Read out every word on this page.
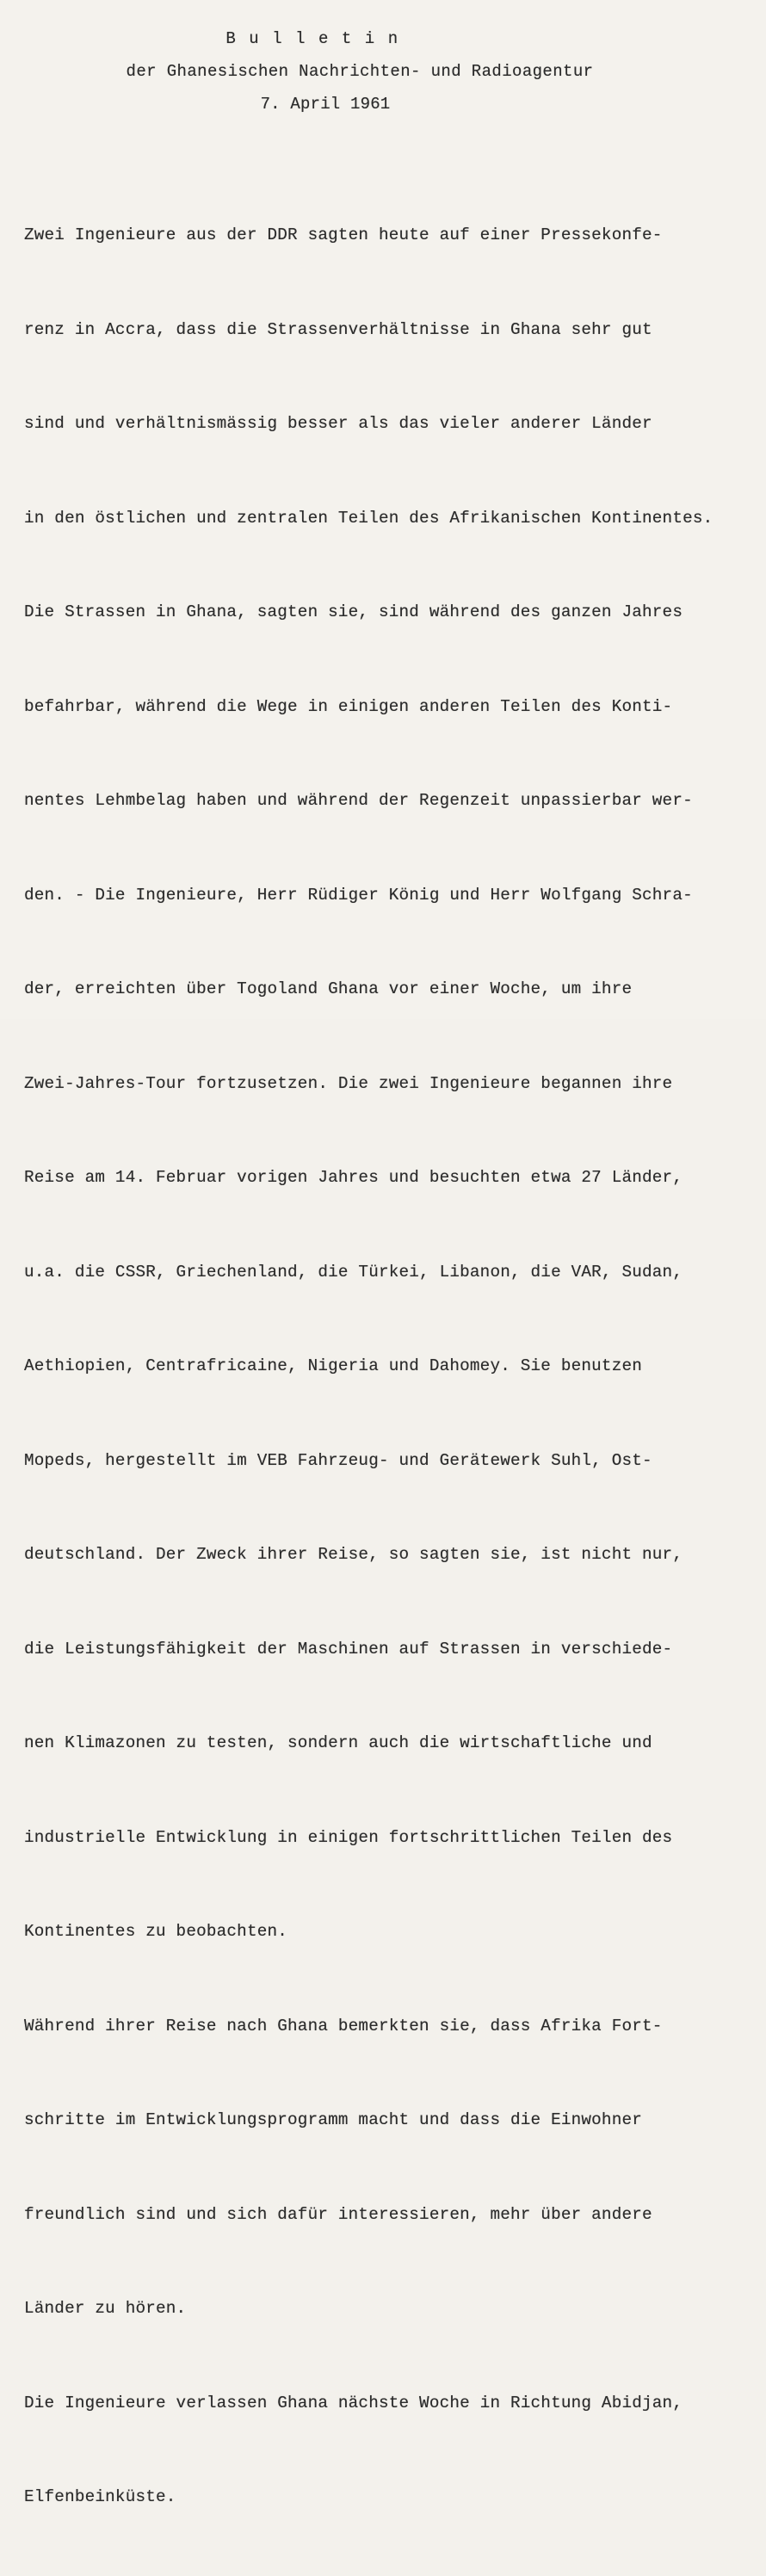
Bulletin
der Ghanesischen Nachrichten- und Radioagentur
7. April 1961

Zwei Ingenieure aus der DDR sagten heute auf einer Pressekonfe-

renz in Accra, dass die Strassenverhältnisse in Ghana sehr gut

sind und verhältnismässig besser als das vieler anderer Länder

in den östlichen und zentralen Teilen des Afrikanischen Kontinentes.

Die Strassen in Ghana, sagten sie, sind während des ganzen Jahres

befahrbar, während die Wege in einigen anderen Teilen des Konti-

nentes Lehmbelag haben und während der Regenzeit unpassierbar wer-

den. - Die Ingenieure, Herr Rüdiger König und Herr Wolfgang Schra-

der, erreichten über Togoland Ghana vor einer Woche, um ihre

Zwei-Jahres-Tour fortzusetzen. Die zwei Ingenieure begannen ihre

Reise am 14. Februar vorigen Jahres und besuchten etwa 27 Länder,

u.a. die CSSR, Griechenland, die Türkei, Libanon, die VAR, Sudan,

Aethiopien, Centrafricaine, Nigeria und Dahomey. Sie benutzen

Mopeds, hergestellt im VEB Fahrzeug- und Gerätewerk Suhl, Ost-

deutschland. Der Zweck ihrer Reise, so sagten sie, ist nicht nur,

die Leistungsfähigkeit der Maschinen auf Strassen in verschiede-

nen Klimazonen zu testen, sondern auch die wirtschaftliche und

industrielle Entwicklung in einigen fortschrittlichen Teilen des

Kontinentes zu beobachten.

Während ihrer Reise nach Ghana bemerkten sie, dass Afrika Fort-

schritte im Entwicklungsprogramm macht und dass die Einwohner

freundlich sind und sich dafür interessieren, mehr über andere

Länder zu hören.

Die Ingenieure verlassen Ghana nächste Woche in Richtung Abidjan,

Elfenbeinküste.
